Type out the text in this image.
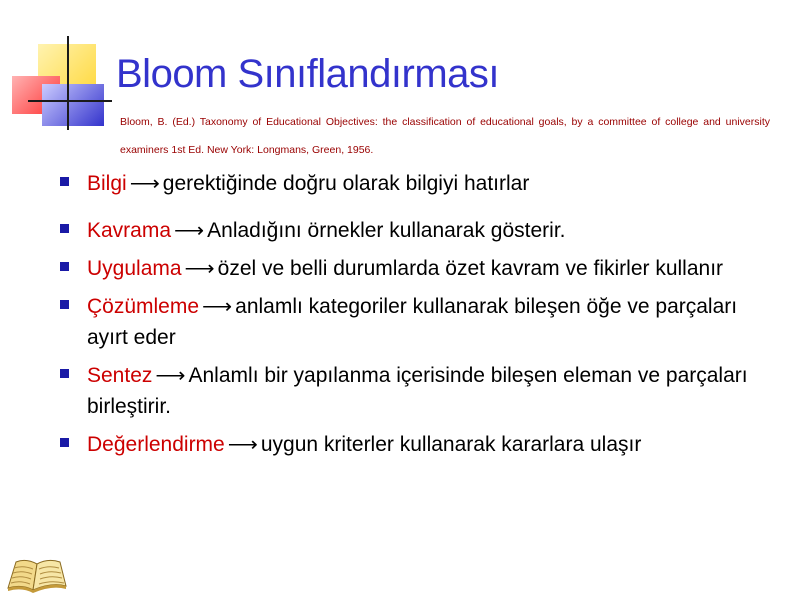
Bloom Sınıflandırması
Bloom, B. (Ed.) Taxonomy of Educational Objectives: the classification of educational goals, by a committee of college and university examiners 1st Ed. New York: Longmans, Green, 1956.
Bilgi ⟶ gerektiğinde doğru olarak bilgiyi hatırlar
Kavrama ⟶ Anladığını örnekler kullanarak gösterir.
Uygulama ⟶ özel ve belli durumlarda özet kavram ve fikirler kullanır
Çözümleme ⟶ anlamlı kategoriler kullanarak bileşen öğe ve parçaları ayırt eder
Sentez ⟶ Anlamlı bir yapılanma içerisinde bileşen eleman ve parçaları birleştirir.
Değerlendirme ⟶ uygun kriterler kullanarak kararlara ulaşır
